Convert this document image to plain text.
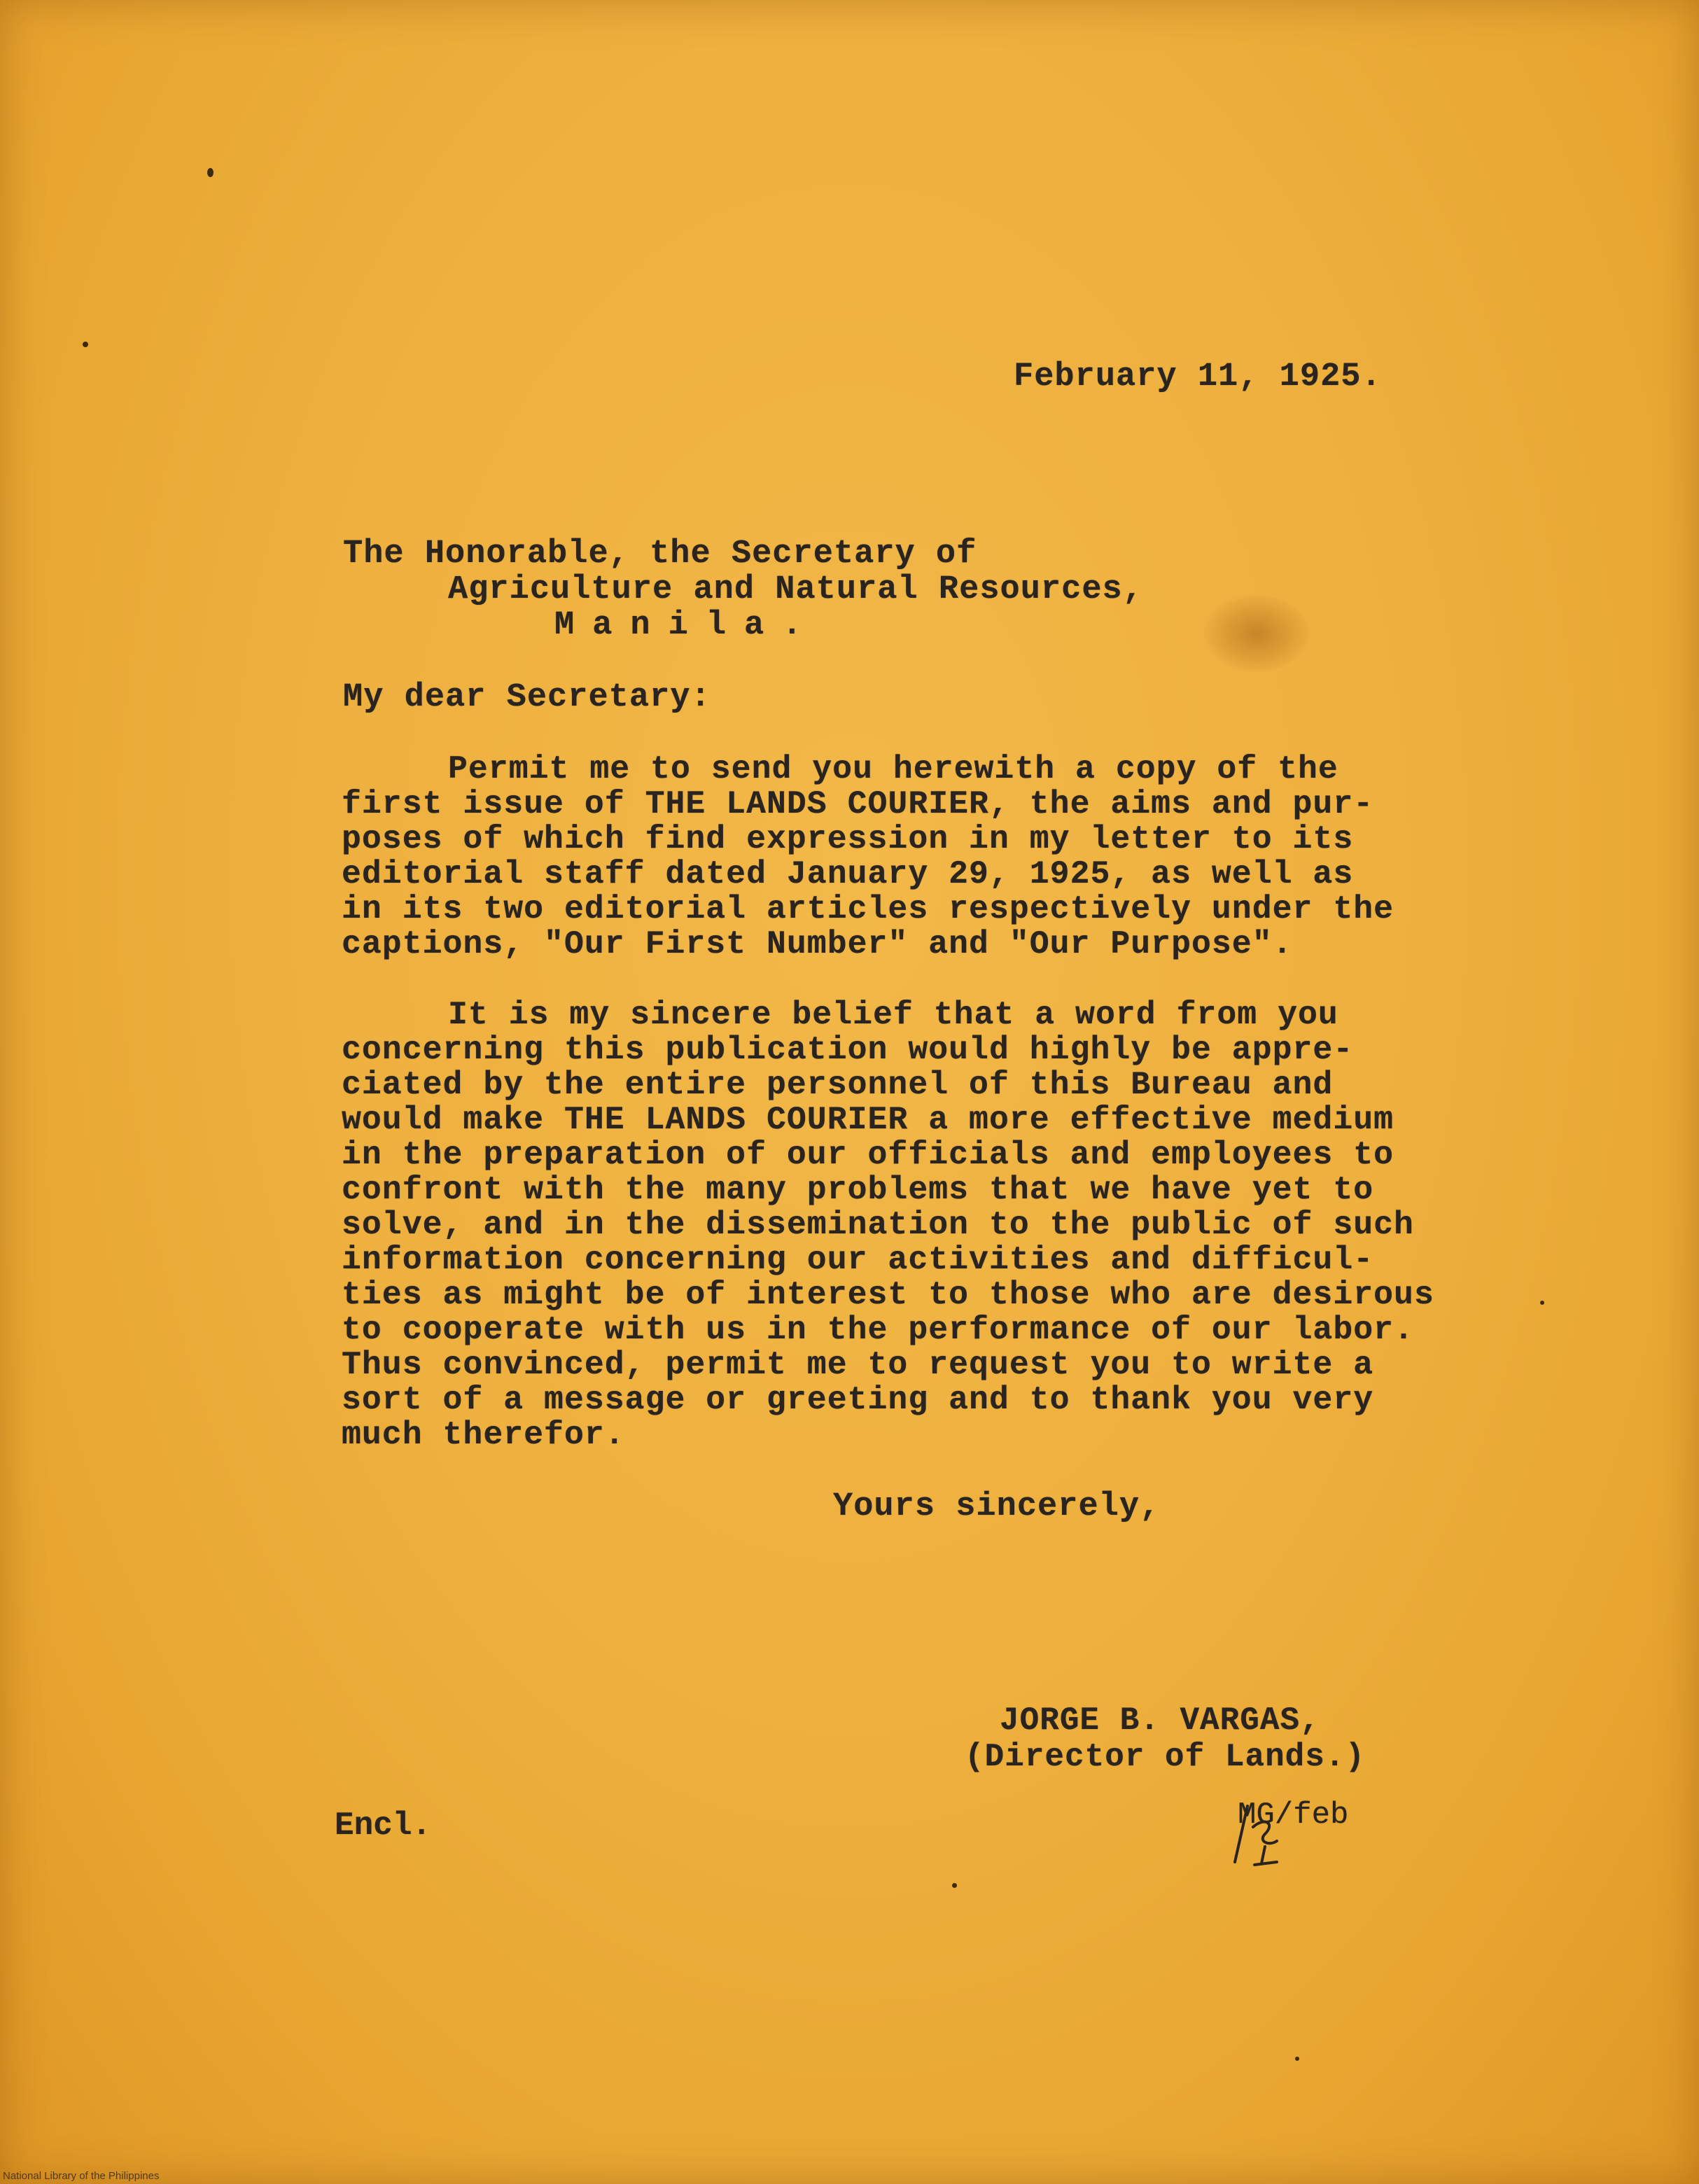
February 11, 1925.

The Honorable, the Secretary of

Agriculture and Natural Resources,

Manila.

My dear Secretary:

Permit me to send you herewith a copy of the

first issue of THE LANDS COURIER, the aims and pur-

poses of which find expression in my letter to its

editorial staff dated January 29, 1925, as well as

in its two editorial articles respectively under the

captions, "Our First Number" and "Our Purpose".

It is my sincere belief that a word from you

concerning this publication would highly be appre-

ciated by the entire personnel of this Bureau and

would make THE LANDS COURIER a more effective medium

in the preparation of our officials and employees to

confront with the many problems that we have yet to

solve, and in the dissemination to the public of such

information concerning our activities and difficul-

ties as might be of interest to those who are desirous

to cooperate with us in the performance of our labor.

Thus convinced, permit me to request you to write a

sort of a message or greeting and to thank you very

much therefor.

Yours sincerely,

JORGE B. VARGAS,

(Director of Lands.)

Encl.	MG/feb

National Library of the Philippines
